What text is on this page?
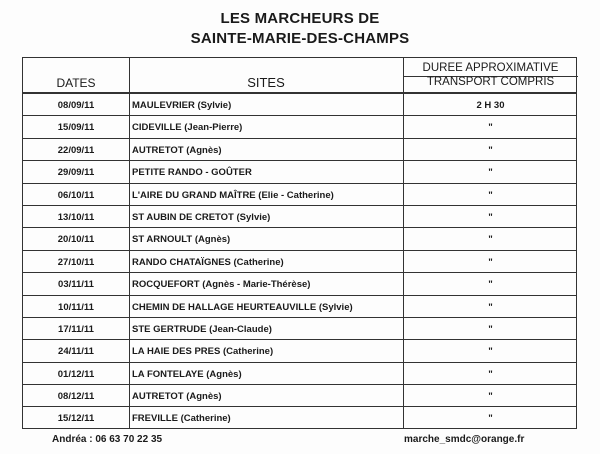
LES MARCHEURS DE
SAINTE-MARIE-DES-CHAMPS
DATES	SITES
DUREE APPROXIMATIVE
TRANSPORT COMPRIS
08/09/11	MAULEVRIER (Sylvie)	2 H 30
15/09/11	CIDEVILLE (Jean-Pierre)	"
22/09/11	AUTRETOT (Agnès)	"
29/09/11	PETITE RANDO - GOÛTER	"
06/10/11	L'AIRE DU GRAND MAÎTRE (Elie - Catherine)	"
13/10/11	ST AUBIN DE CRETOT (Sylvie)	"
20/10/11	ST ARNOULT (Agnès)	"
27/10/11	RANDO CHATAÏGNES (Catherine)	"
03/11/11	ROCQUEFORT (Agnès - Marie-Thérèse)	"
10/11/11	CHEMIN DE HALLAGE HEURTEAUVILLE (Sylvie)	"
17/11/11	STE GERTRUDE (Jean-Claude)	"
24/11/11	LA HAIE DES PRES (Catherine)	"
01/12/11	LA FONTELAYE (Agnès)	"
08/12/11	AUTRETOT (Agnès)	"
15/12/11	FREVILLE (Catherine)	"
Andréa : 06 63 70 22 35	marche_smdc@orange.fr
